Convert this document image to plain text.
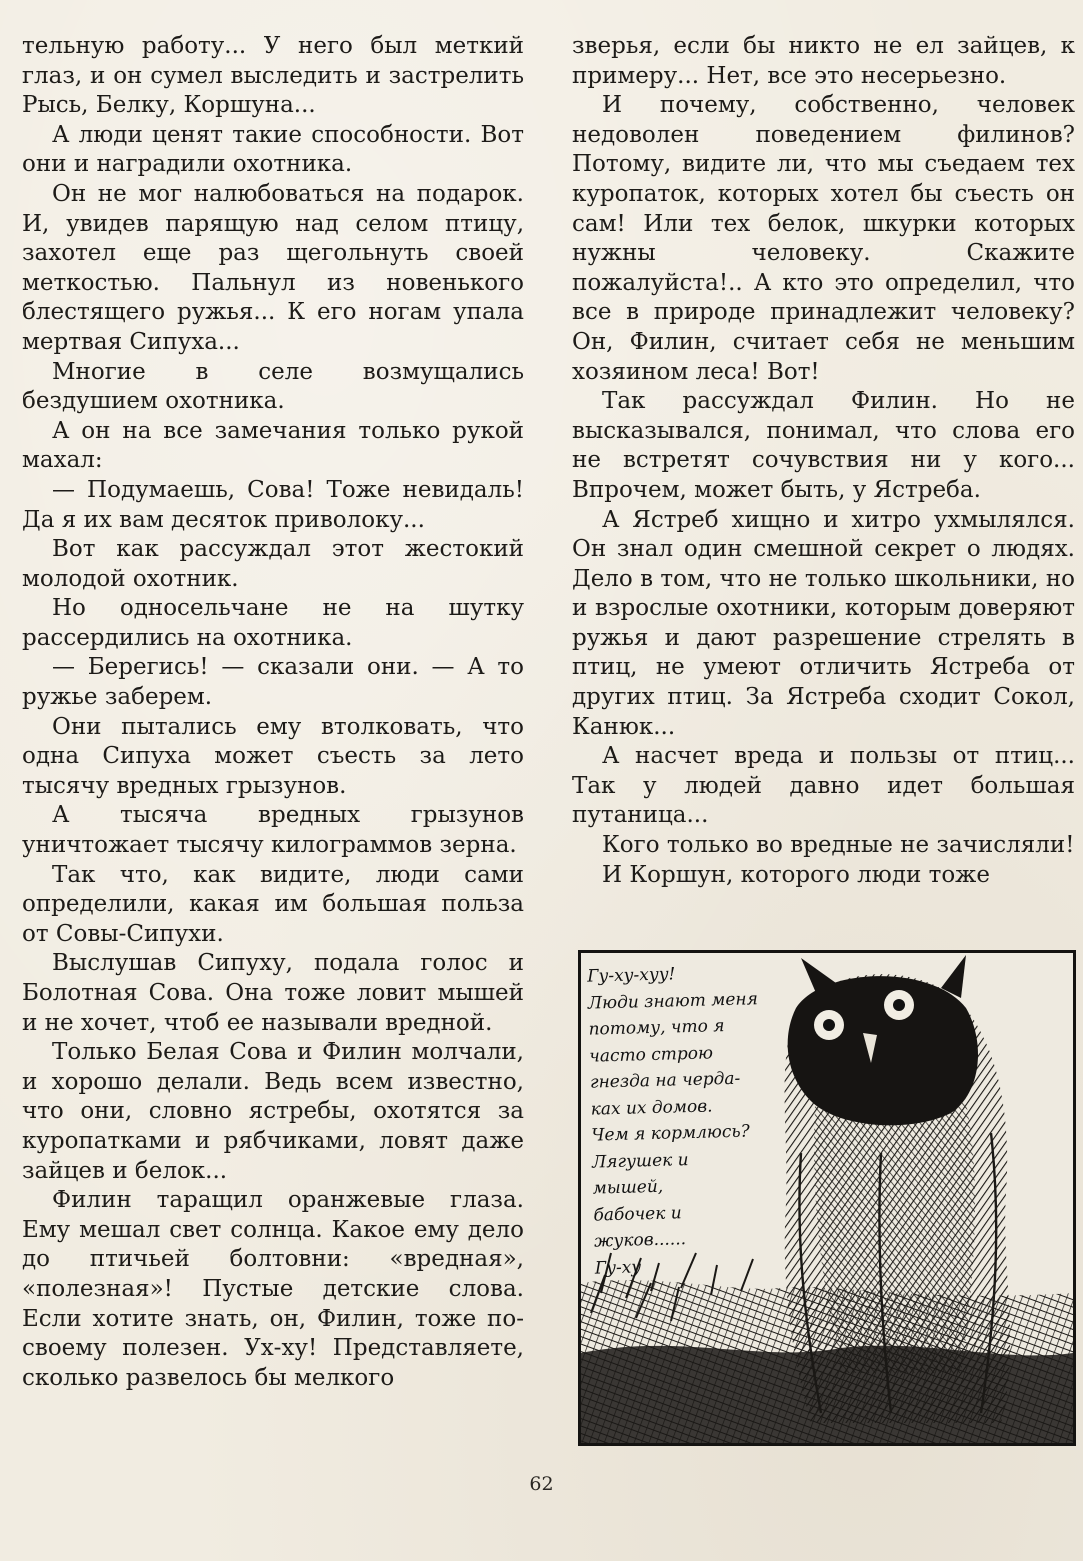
тельную работу... У него был меткий глаз, и он сумел выследить и застрелить Рысь, Белку, Коршуна...

А люди ценят такие способности. Вот они и наградили охотника.

Он не мог налюбоваться на подарок. И, увидев парящую над селом птицу, захотел еще раз щегольнуть своей меткостью. Пальнул из новенького блестящего ружья... К его ногам упала мертвая Сипуха...

Многие в селе возмущались бездушием охотника.

А он на все замечания только рукой махал:

— Подумаешь, Сова! Тоже невидаль! Да я их вам десяток приволоку...

Вот как рассуждал этот жестокий молодой охотник.

Но односельчане не на шутку рассердились на охотника.

— Берегись! — сказали они. — А то ружье заберем.

Они пытались ему втолковать, что одна Сипуха может съесть за лето тысячу вредных грызунов.

А тысяча вредных грызунов уничтожает тысячу килограммов зерна.

Так что, как видите, люди сами определили, какая им большая польза от Совы-Сипухи.

Выслушав Сипуху, подала голос и Болотная Сова. Она тоже ловит мышей и не хочет, чтоб ее называли вредной.

Только Белая Сова и Филин молчали, и хорошо делали. Ведь всем известно, что они, словно ястребы, охотятся за куропатками и рябчиками, ловят даже зайцев и белок...

Филин таращил оранжевые глаза. Ему мешал свет солнца. Какое ему дело до птичьей болтовни: «вредная», «полезная»! Пустые детские слова. Если хотите знать, он, Филин, тоже по-своему полезен. Ух-ху! Представляете, сколько развелось бы мелкого

зверья, если бы никто не ел зайцев, к примеру... Нет, все это несерьезно.

И почему, собственно, человек недоволен поведением филинов? Потому, видите ли, что мы съедаем тех куропаток, которых хотел бы съесть он сам! Или тех белок, шкурки которых нужны человеку. Скажите пожалуйста!.. А кто это определил, что все в природе принадлежит человеку? Он, Филин, считает себя не меньшим хозяином леса! Вот!

Так рассуждал Филин. Но не высказывался, понимал, что слова его не встретят сочувствия ни у кого... Впрочем, может быть, у Ястреба.

А Ястреб хищно и хитро ухмылялся. Он знал один смешной секрет о людях. Дело в том, что не только школьники, но и взрослые охотники, которым доверяют ружья и дают разрешение стрелять в птиц, не умеют отличить Ястреба от других птиц. За Ястреба сходит Сокол, Канюк...

А насчет вреда и пользы от птиц... Так у людей давно идет большая путаница...

Кого только во вредные не зачисляли!

И Коршун, которого люди тоже

Гу-ху-хуу!
Люди знают меня
потому, что я
часто строю
гнезда на черда-
ках их домов.
Чем я кормлюсь?
Лягушек и
мышей,
бабочек и
жуков......
Гу-ху
62
